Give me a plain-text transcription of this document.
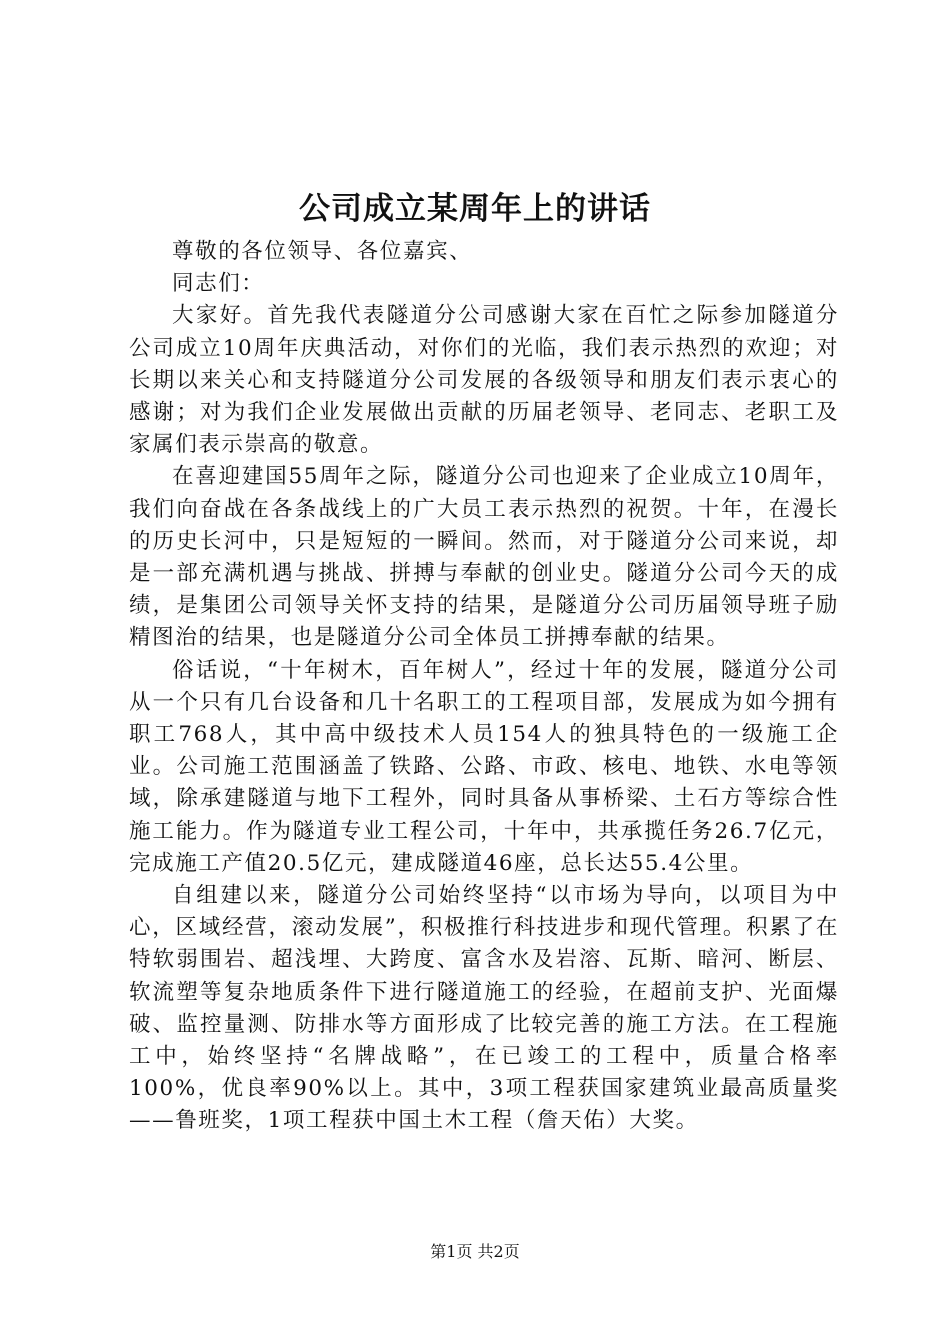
公司成立某周年上的讲话

尊敬的各位领导、各位嘉宾、

同志们：

大家好。首先我代表隧道分公司感谢大家在百忙之际参加隧道分公司成立10周年庆典活动，对你们的光临，我们表示热烈的欢迎；对长期以来关心和支持隧道分公司发展的各级领导和朋友们表示衷心的感谢；对为我们企业发展做出贡献的历届老领导、老同志、老职工及家属们表示崇高的敬意。

在喜迎建国55周年之际，隧道分公司也迎来了企业成立10周年，我们向奋战在各条战线上的广大员工表示热烈的祝贺。十年，在漫长的历史长河中，只是短短的一瞬间。然而，对于隧道分公司来说，却是一部充满机遇与挑战、拼搏与奉献的创业史。隧道分公司今天的成绩，是集团公司领导关怀支持的结果，是隧道分公司历届领导班子励精图治的结果，也是隧道分公司全体员工拼搏奉献的结果。

俗话说，“十年树木，百年树人”，经过十年的发展，隧道分公司从一个只有几台设备和几十名职工的工程项目部，发展成为如今拥有职工768人，其中高中级技术人员154人的独具特色的一级施工企业。公司施工范围涵盖了铁路、公路、市政、核电、地铁、水电等领域，除承建隧道与地下工程外，同时具备从事桥梁、土石方等综合性施工能力。作为隧道专业工程公司，十年中，共承揽任务26.7亿元，完成施工产值20.5亿元，建成隧道46座，总长达55.4公里。

自组建以来，隧道分公司始终坚持“以市场为导向，以项目为中心，区域经营，滚动发展”，积极推行科技进步和现代管理。积累了在特软弱围岩、超浅埋、大跨度、富含水及岩溶、瓦斯、暗河、断层、软流塑等复杂地质条件下进行隧道施工的经验，在超前支护、光面爆破、监控量测、防排水等方面形成了比较完善的施工方法。在工程施工中，始终坚持“名牌战略”，在已竣工的工程中，质量合格率100%，优良率90%以上。其中，3项工程获国家建筑业最高质量奖——鲁班奖，1项工程获中国土木工程（詹天佑）大奖。

第1页 共2页
